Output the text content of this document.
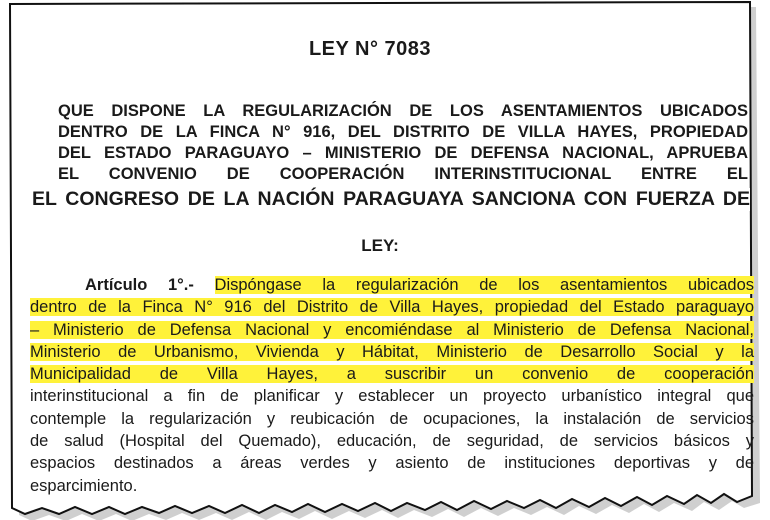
LEY N° 7083
QUE DISPONE LA REGULARIZACIÓN DE LOS ASENTAMIENTOS UBICADOS
DENTRO DE LA FINCA N° 916, DEL DISTRITO DE VILLA HAYES, PROPIEDAD
DEL ESTADO PARAGUAYO – MINISTERIO DE DEFENSA NACIONAL, APRUEBA
EL CONVENIO DE COOPERACIÓN INTERINSTITUCIONAL ENTRE EL
EL CONGRESO DE LA NACIÓN PARAGUAYA SANCIONA CON FUERZA DE
LEY:
Artículo 1°.- Dispóngase la regularización de los asentamientos ubicados
dentro de la Finca N° 916 del Distrito de Villa Hayes, propiedad del Estado paraguayo
– Ministerio de Defensa Nacional y encomiéndase al Ministerio de Defensa Nacional,
Ministerio de Urbanismo, Vivienda y Hábitat, Ministerio de Desarrollo Social y la
Municipalidad de Villa Hayes, a suscribir un convenio de cooperación
interinstitucional a fin de planificar y establecer un proyecto urbanístico integral que
contemple la regularización y reubicación de ocupaciones, la instalación de servicios
de salud (Hospital del Quemado), educación, de seguridad, de servicios básicos y
espacios destinados a áreas verdes y asiento de instituciones deportivas y de
esparcimiento.
